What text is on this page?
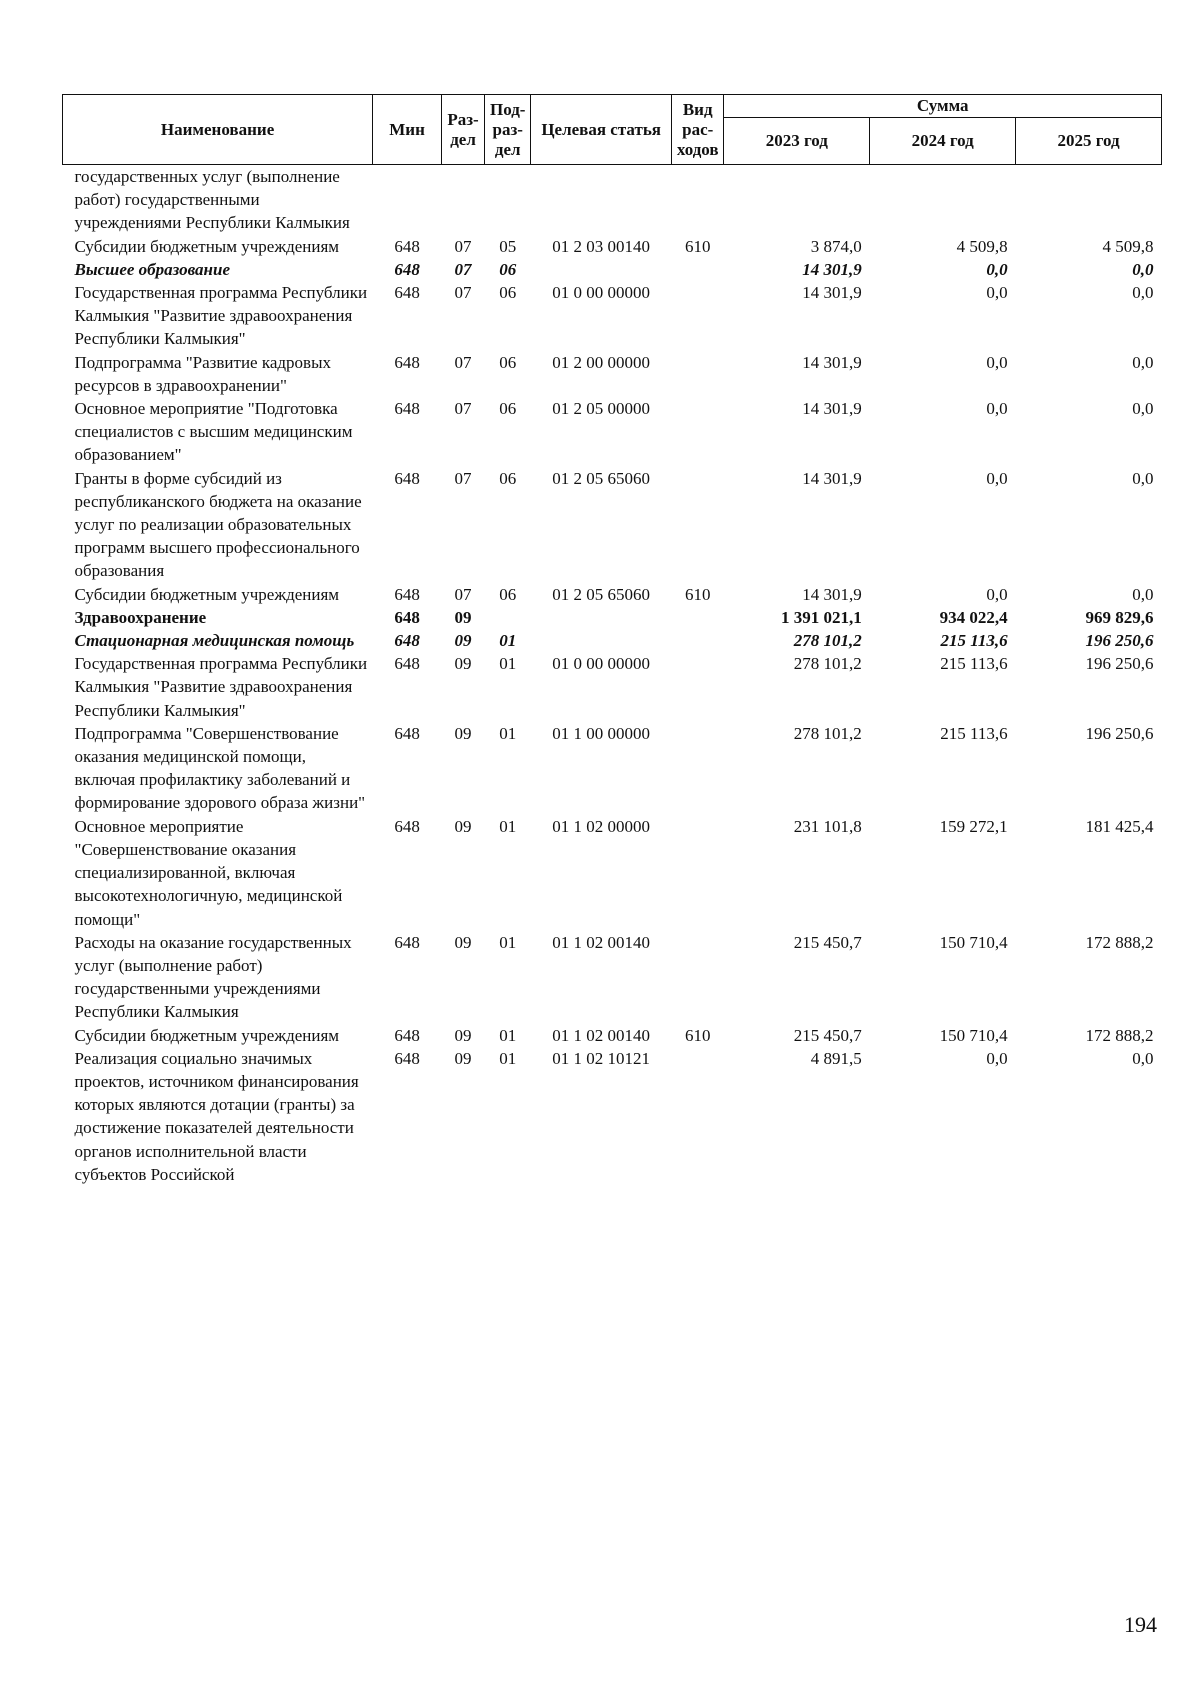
Наименование	Мин	Раз-дел	Под-раз-дел	Целевая статья	Вид рас-ходов	Сумма		
						2023 год	2024 год	2025 год
государственных услуг (выполнение работ) государственными учреждениями Республики Калмыкия								
Субсидии бюджетным учреждениям	648	07	05	01 2 03 00140	610	3 874,0	4 509,8	4 509,8
Высшее образование	648	07	06			14 301,9	0,0	0,0
Государственная программа Республики Калмыкия "Развитие здравоохранения Республики Калмыкия"	648	07	06	01 0 00 00000		14 301,9	0,0	0,0
Подпрограмма "Развитие кадровых ресурсов в здравоохранении"	648	07	06	01 2 00 00000		14 301,9	0,0	0,0
Основное мероприятие "Подготовка специалистов с высшим медицинским образованием"	648	07	06	01 2 05 00000		14 301,9	0,0	0,0
Гранты в форме субсидий из республиканского бюджета на оказание услуг по реализации образовательных программ высшего профессионального образования	648	07	06	01 2 05 65060		14 301,9	0,0	0,0
Субсидии бюджетным учреждениям	648	07	06	01 2 05 65060	610	14 301,9	0,0	0,0
Здравоохранение	648	09				1 391 021,1	934 022,4	969 829,6
Стационарная медицинская помощь	648	09	01			278 101,2	215 113,6	196 250,6
Государственная программа Республики Калмыкия "Развитие здравоохранения Республики Калмыкия"	648	09	01	01 0 00 00000		278 101,2	215 113,6	196 250,6
Подпрограмма "Совершенствование оказания медицинской помощи, включая профилактику заболеваний и формирование здорового образа жизни"	648	09	01	01 1 00 00000		278 101,2	215 113,6	196 250,6
Основное мероприятие "Совершенствование оказания специализированной, включая высокотехнологичную, медицинской помощи"	648	09	01	01 1 02 00000		231 101,8	159 272,1	181 425,4
Расходы на оказание государственных услуг (выполнение работ) государственными учреждениями Республики Калмыкия	648	09	01	01 1 02 00140		215 450,7	150 710,4	172 888,2
Субсидии бюджетным учреждениям	648	09	01	01 1 02 00140	610	215 450,7	150 710,4	172 888,2
Реализация социально значимых проектов, источником финансирования которых являются дотации (гранты) за достижение показателей деятельности органов исполнительной власти субъектов Российской	648	09	01	01 1 02 10121		4 891,5	0,0	0,0
194
